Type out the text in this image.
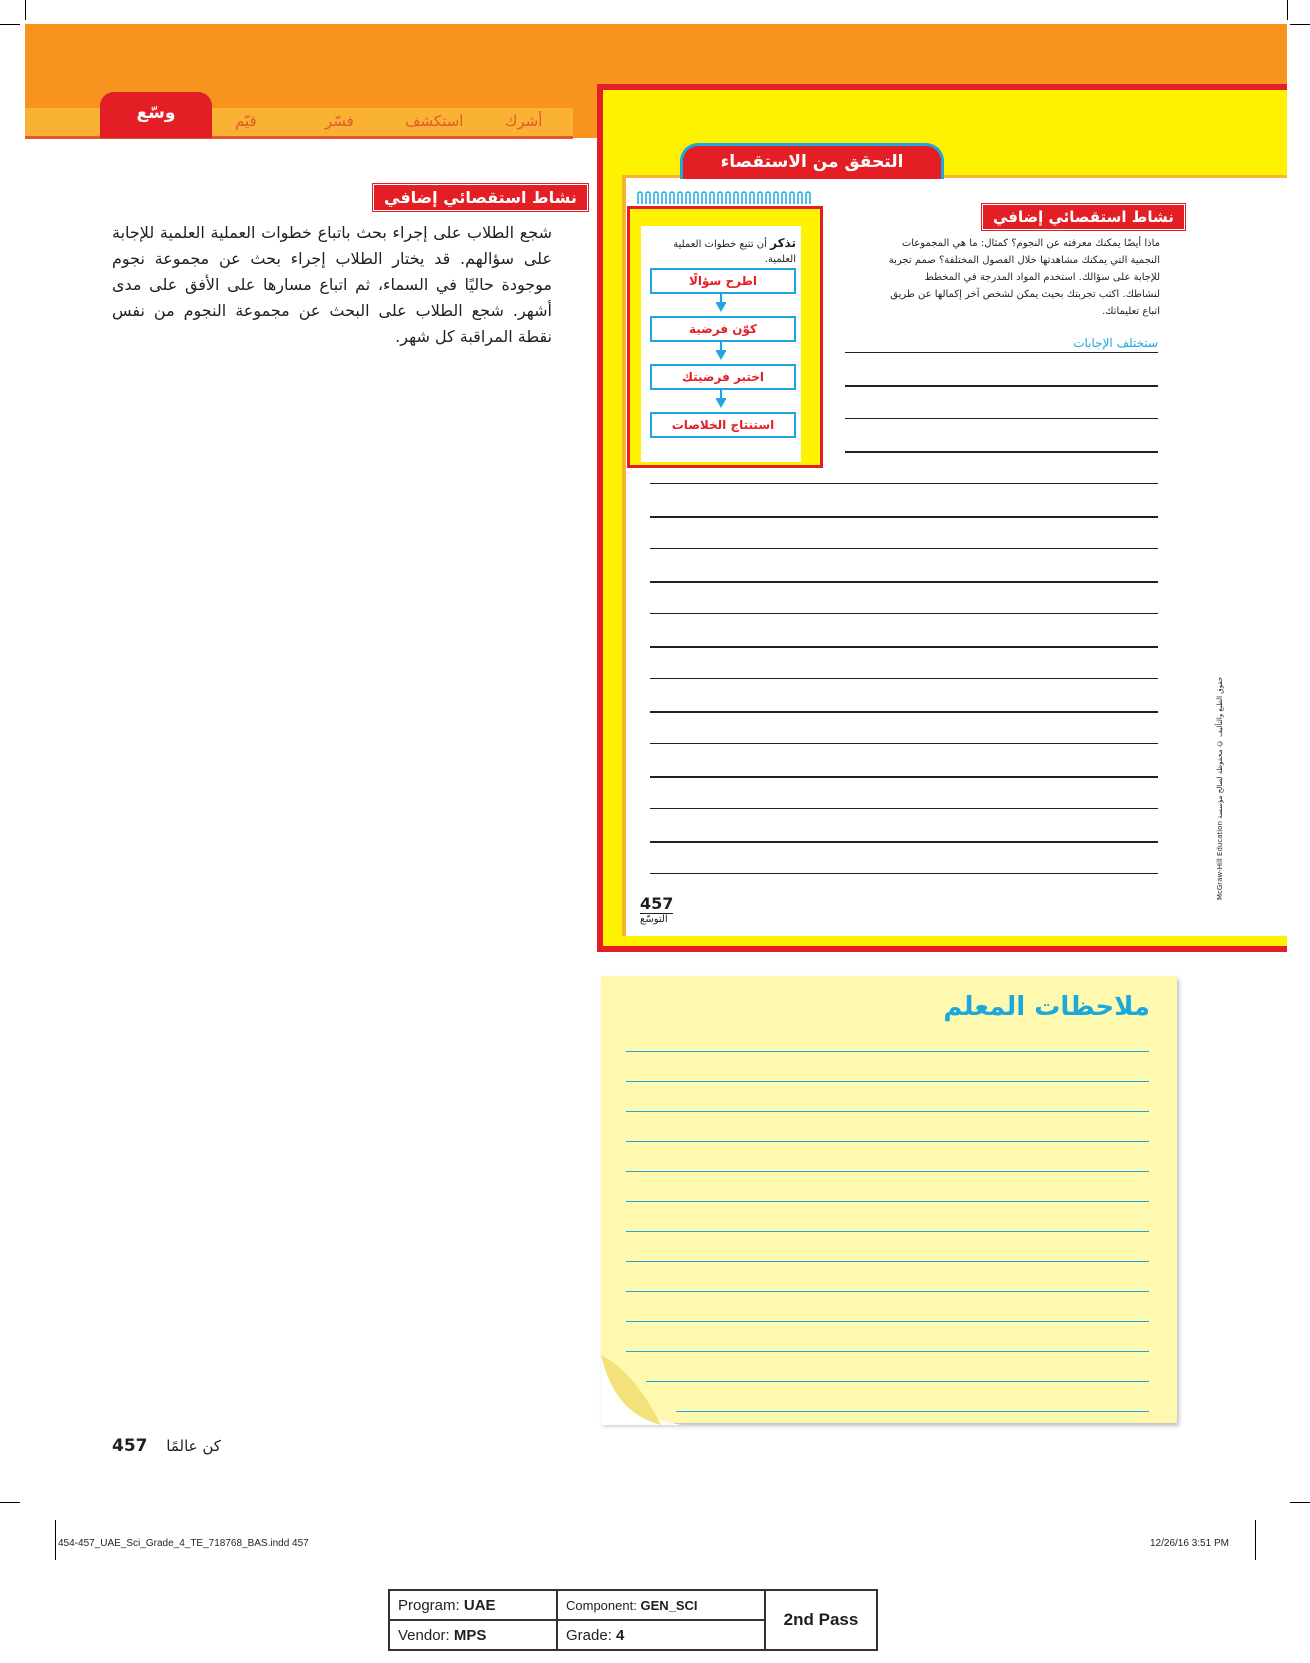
قيّم	فسّر	استكشف	أشرك
وسّع
نشاط استقصائي إضافي
شجع الطلاب على إجراء بحث باتباع خطوات العملية العلمية للإجابة على سؤالهم. قد يختار الطلاب إجراء بحث عن مجموعة نجوم موجودة حاليًا في السماء، ثم اتباع مسارها على الأفق على مدى أشهر. شجع الطلاب على البحث عن مجموعة النجوم من نفس نقطة المراقبة كل شهر.
457 كن عالمًا
التحقق من الاستقصاء
تذكر أن تتبع خطوات العملية العلمية.
اطرح سؤالًا
كوّن فرضية
اختبر فرضيتك
استنتاج الخلاصات
نشاط استقصائي إضافي
ماذا أيضًا يمكنك معرفته عن النجوم؟ كمثال: ما هي المجموعات النجمية التي يمكنك مشاهدتها خلال الفصول المختلفة؟ صمم تجربة للإجابة على سؤالك. استخدم المواد المدرجة في المخطط لنشاطك. اكتب تجربتك بحيث يمكن لشخص آخر إكمالها عن طريق اتباع تعليماتك.
ستختلف الإجابات
457
التوسّع
McGraw-Hill Education حقوق الطبع والتأليف © محفوظة لصالح مؤسسة
ملاحظات المعلم
454-457_UAE_Sci_Grade_4_TE_718768_BAS.indd 457	12/26/16 3:51 PM
Program: UAE	Component: GEN_SCI	2nd Pass
Vendor: MPS	Grade: 4	
